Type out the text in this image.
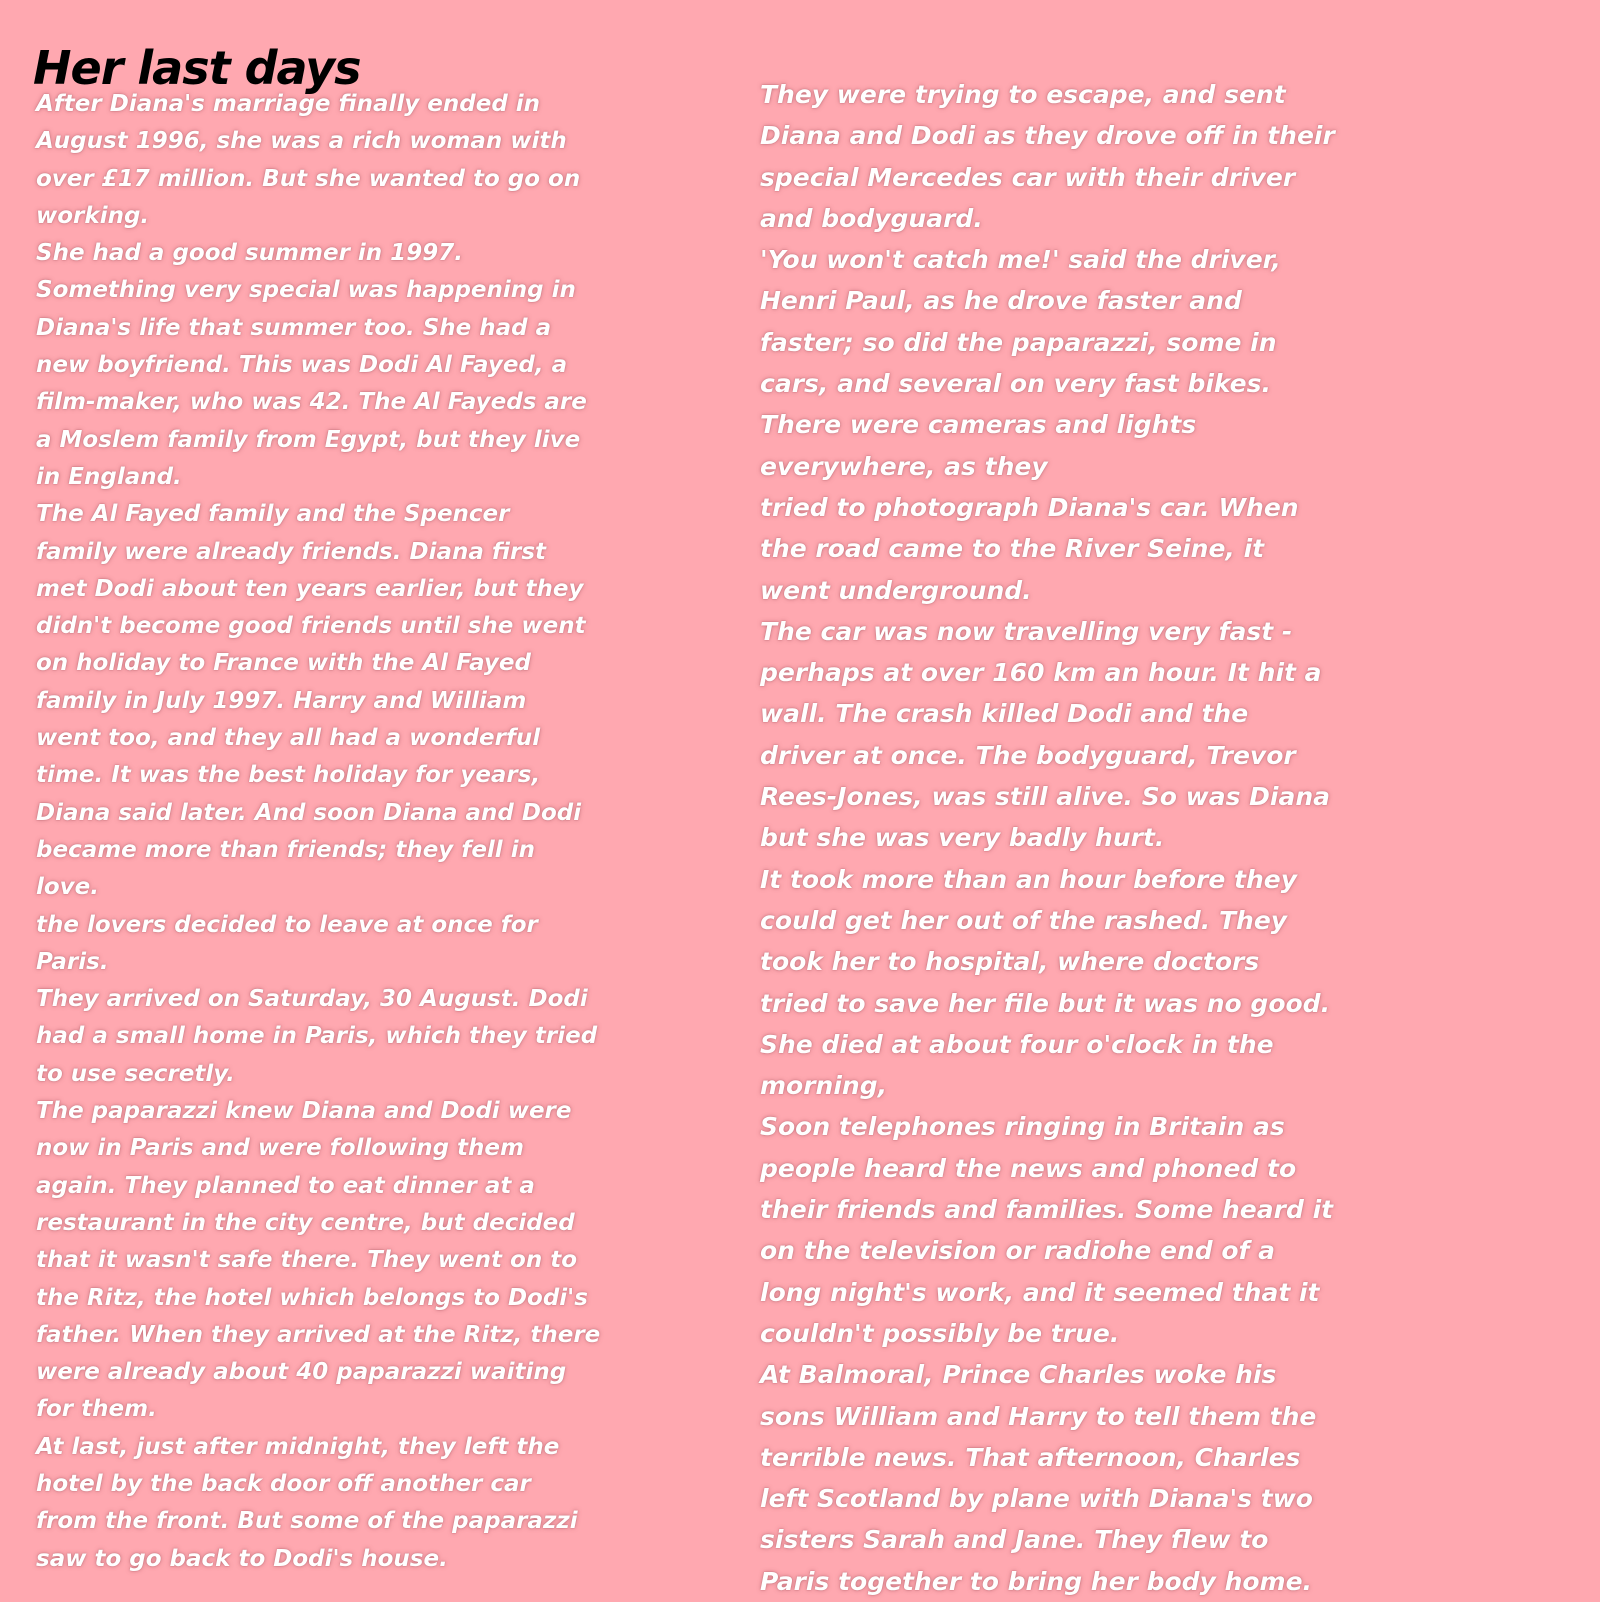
Her last days
After Diana's marriage finally ended in
August 1996, she was a rich woman with
over £17 million. But she wanted to go on
working.
She had a good summer in 1997.
Something very special was happening in
Diana's life that summer too. She had a
new boyfriend. This was Dodi Al Fayed, a
film-maker, who was 42. The Al Fayeds are
a Moslem family from Egypt, but they live
in England.
The Al Fayed family and the Spencer
family were already friends. Diana first
met Dodi about ten years earlier, but they
didn't become good friends until she went
on holiday to France with the Al Fayed
family in July 1997. Harry and William
went too, and they all had a wonderful
time. It was the best holiday for years,
Diana said later. And soon Diana and Dodi
became more than friends; they fell in
love.
the lovers decided to leave at once for
Paris.
They arrived on Saturday, 30 August. Dodi
had a small home in Paris, which they tried
to use secretly.
The paparazzi knew Diana and Dodi were
now in Paris and were following them
again. They planned to eat dinner at a
restaurant in the city centre, but decided
that it wasn't safe there. They went on to
the Ritz, the hotel which belongs to Dodi's
father. When they arrived at the Ritz, there
were already about 40 paparazzi waiting
for them.
At last, just after midnight, they left the
hotel by the back door off another car
from the front. But some of the paparazzi
saw to go back to Dodi's house.
They were trying to escape, and sent
Diana and Dodi as they drove off in their
special Mercedes car with their driver
and bodyguard.
'You won't catch me!' said the driver,
Henri Paul, as he drove faster and
faster; so did the paparazzi, some in
cars, and several on very fast bikes.
There were cameras and lights
everywhere, as they
tried to photograph Diana's car. When
the road came to the River Seine, it
went underground.
The car was now travelling very fast -
perhaps at over 160 km an hour. It hit a
wall. The crash killed Dodi and the
driver at once. The bodyguard, Trevor
Rees-Jones, was still alive. So was Diana
but she was very badly hurt.
It took more than an hour before they
could get her out of the rashed. They
took her to hospital, where doctors
tried to save her file but it was no good.
She died at about four o'clock in the
morning,
Soon telephones ringing in Britain as
people heard the news and phoned to
their friends and families. Some heard it
on the television or radiohe end of a
long night's work, and it seemed that it
couldn't possibly be true.
At Balmoral, Prince Charles woke his
sons William and Harry to tell them the
terrible news. That afternoon, Charles
left Scotland by plane with Diana's two
sisters Sarah and Jane. They flew to
Paris together to bring her body home.
